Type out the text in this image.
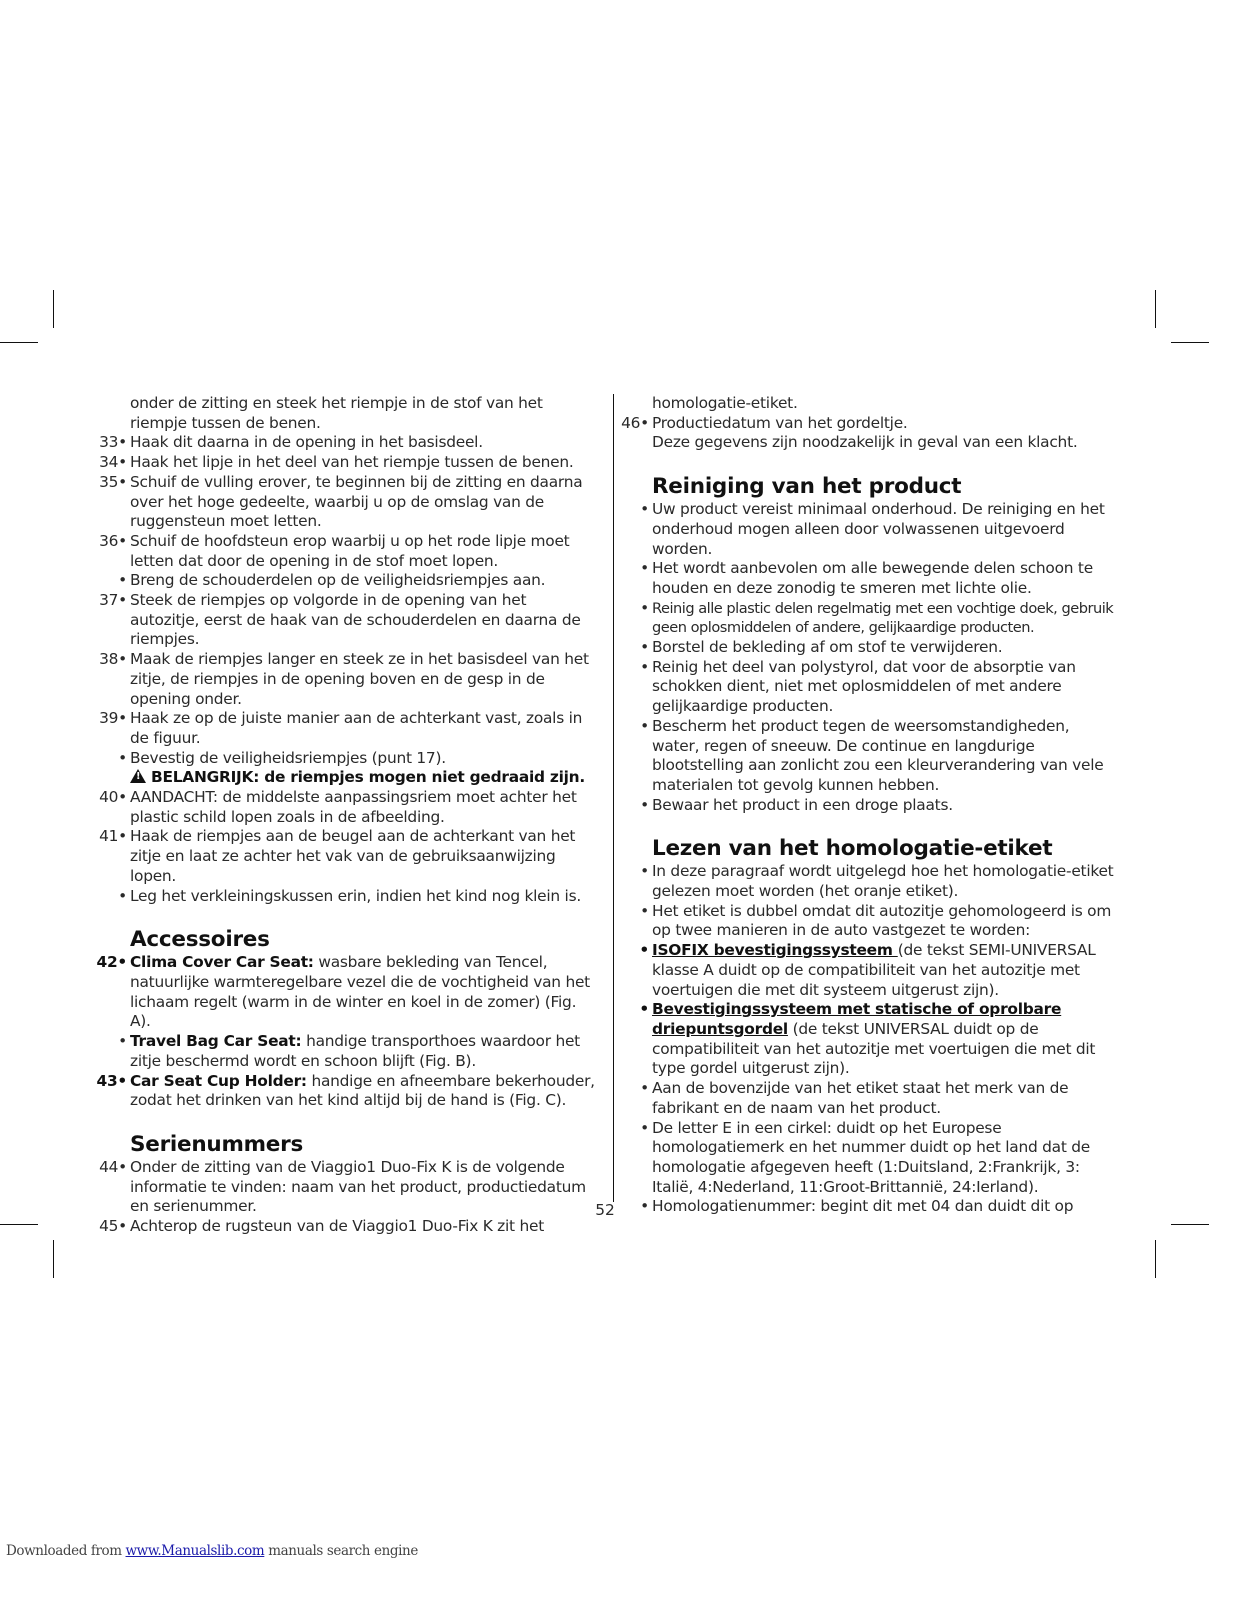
onder de zitting en steek het riempje in de stof van het riempje tussen de benen.
33• Haak dit daarna in de opening in het basisdeel.
34• Haak het lipje in het deel van het riempje tussen de benen.
35• Schuif de vulling erover, te beginnen bij de zitting en daarna over het hoge gedeelte, waarbij u op de omslag van de ruggensteun moet letten.
36• Schuif de hoofdsteun erop waarbij u op het rode lipje moet letten dat door de opening in de stof moet lopen.
• Breng de schouderdelen op de veiligheidsriempjes aan.
37• Steek de riempjes op volgorde in de opening van het autozitje, eerst de haak van de schouderdelen en daarna de riempjes.
38• Maak de riempjes langer en steek ze in het basisdeel van het zitje, de riempjes in de opening boven en de gesp in de opening onder.
39• Haak ze op de juiste manier aan de achterkant vast, zoals in de figuur.
• Bevestig de veiligheidsriempjes (punt 17).
!BELANGRIJK: de riempjes mogen niet gedraaid zijn.
40• AANDACHT: de middelste aanpassingsriem moet achter het plastic schild lopen zoals in de afbeelding.
41• Haak de riempjes aan de beugel aan de achterkant van het zitje en laat ze achter het vak van de gebruiksaanwijzing lopen.
• Leg het verkleiningskussen erin, indien het kind nog klein is.
Accessoires
42• Clima Cover Car Seat: wasbare bekleding van Tencel, natuurlijke warmteregelbare vezel die de vochtigheid van het lichaam regelt (warm in de winter en koel in de zomer) (Fig. A).
• Travel Bag Car Seat: handige transporthoes waardoor het zitje beschermd wordt en schoon blijft (Fig. B).
43• Car Seat Cup Holder: handige en afneembare bekerhouder, zodat het drinken van het kind altijd bij de hand is (Fig. C).
Serienummers
44• Onder de zitting van de Viaggio1 Duo-Fix K is de volgende informatie te vinden: naam van het product, productiedatum en serienummer.
45• Achterop de rugsteun van de Viaggio1 Duo-Fix K zit het
homologatie-etiket.
46• Productiedatum van het gordeltje.
Deze gegevens zijn noodzakelijk in geval van een klacht.
Reiniging van het product
• Uw product vereist minimaal onderhoud. De reiniging en het onderhoud mogen alleen door volwassenen uitgevoerd worden.
• Het wordt aanbevolen om alle bewegende delen schoon te houden en deze zonodig te smeren met lichte olie.
• Reinig alle plastic delen regelmatig met een vochtige doek, gebruik geen oplosmiddelen of andere, gelijkaardige producten.
• Borstel de bekleding af om stof te verwijderen.
• Reinig het deel van polystyrol, dat voor de absorptie van schokken dient, niet met oplosmiddelen of met andere gelijkaardige producten.
• Bescherm het product tegen de weersomstandigheden, water, regen of sneeuw. De continue en langdurige blootstelling aan zonlicht zou een kleurverandering van vele materialen tot gevolg kunnen hebben.
• Bewaar het product in een droge plaats.
Lezen van het homologatie-etiket
• In deze paragraaf wordt uitgelegd hoe het homologatie-etiket gelezen moet worden (het oranje etiket).
• Het etiket is dubbel omdat dit autozitje gehomologeerd is om op twee manieren in de auto vastgezet te worden:
• ISOFIX bevestigingssysteem (de tekst SEMI-UNIVERSAL klasse A duidt op de compatibiliteit van het autozitje met voertuigen die met dit systeem uitgerust zijn).
• Bevestigingssysteem met statische of oprolbare driepuntsgordel (de tekst UNIVERSAL duidt op de compatibiliteit van het autozitje met voertuigen die met dit type gordel uitgerust zijn).
• Aan de bovenzijde van het etiket staat het merk van de fabrikant en de naam van het product.
• De letter E in een cirkel: duidt op het Europese homologatiemerk en het nummer duidt op het land dat de homologatie afgegeven heeft (1:Duitsland, 2:Frankrijk, 3: Italië, 4:Nederland, 11:Groot-Brittannië, 24:Ierland).
• Homologatienummer: begint dit met 04 dan duidt dit op
52
Downloaded from www.Manualslib.com manuals search engine
